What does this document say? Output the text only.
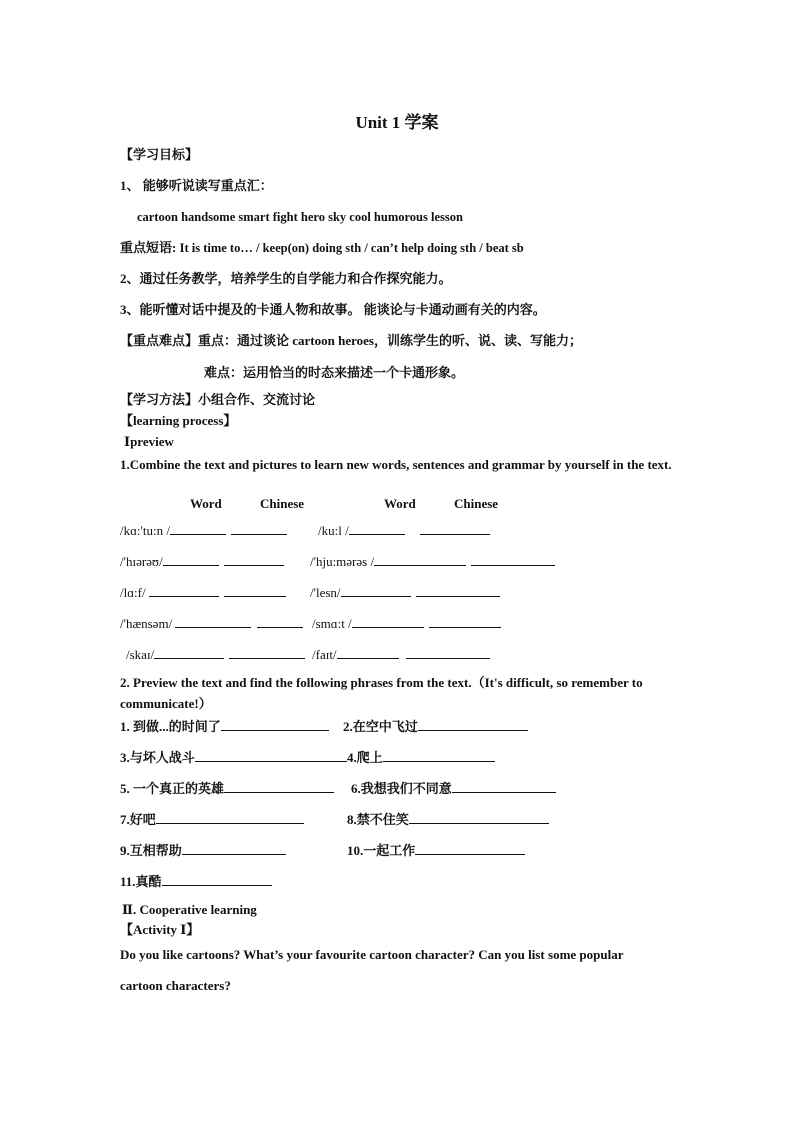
Unit 1 学案
【学习目标】
1、 能够听说读写重点汇：
cartoon handsome smart fight hero sky cool humorous lesson
重点短语: It is time to… / keep(on) doing sth / can’t help doing sth / beat sb
2、通过任务教学，培养学生的自学能力和合作探究能力。
3、能听懂对话中提及的卡通人物和故事。 能谈论与卡通动画有关的内容。
【重点难点】重点：通过谈论 cartoon heroes，训练学生的听、说、读、写能力；
难点：运用恰当的时态来描述一个卡通形象。
【学习方法】小组合作、交流讨论
【learning process】
Ⅰpreview
1.Combine the text and pictures to learn new words, sentences and grammar by yourself in the text.
Word	Chinese	Word	Chinese
/kɑ:'tu:n /	/ku:l /
/'hɪərəʊ/	/'hju:mərəs /
/lɑ:f/	/'lesn/
/'hænsəm/	/smɑ:t /
/skaɪ/	/faɪt/
2. Preview the text and find the following phrases from the text.（It's difficult, so remember to communicate!）
1. 到做...的时间了	2.在空中飞过
3.与坏人战斗	4.爬上
5. 一个真正的英雄	6.我想我们不同意
7.好吧	8.禁不住笑
9.互相帮助	10.一起工作
11.真酷
Ⅱ. Cooperative learning
【Activity Ⅰ】
Do you like cartoons? What’s your favourite cartoon character? Can you list some popular
cartoon characters?
